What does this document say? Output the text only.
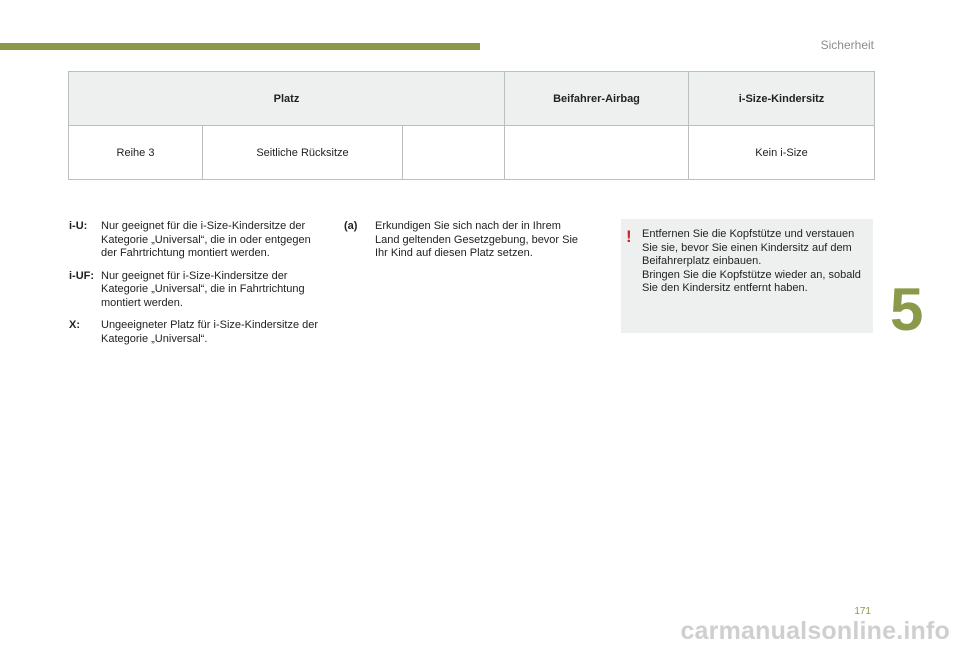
Sicherheit
Platz			Beifahrer-Airbag	i-Size-Kindersitz
Reihe 3	Seitliche Rücksitze			Kein i-Size
i-U:	Nur geeignet für die i-Size-Kindersitze der Kategorie „Universal“, die in oder entgegen der Fahrtrichtung montiert werden.
i-UF: Nur geeignet für i-Size-Kindersitze der Kategorie „Universal“, die in Fahrtrichtung montiert werden.
X:	Ungeeigneter Platz für i-Size-Kindersitze der Kategorie „Universal“.
(a)	Erkundigen Sie sich nach der in Ihrem Land geltenden Gesetzgebung, bevor Sie Ihr Kind auf diesen Platz setzen.
! Entfernen Sie die Kopfstütze und verstauen Sie sie, bevor Sie einen Kindersitz auf dem Beifahrerplatz einbauen.
Bringen Sie die Kopfstütze wieder an, sobald Sie den Kindersitz entfernt haben.	5
171
carmanualsonline.info
